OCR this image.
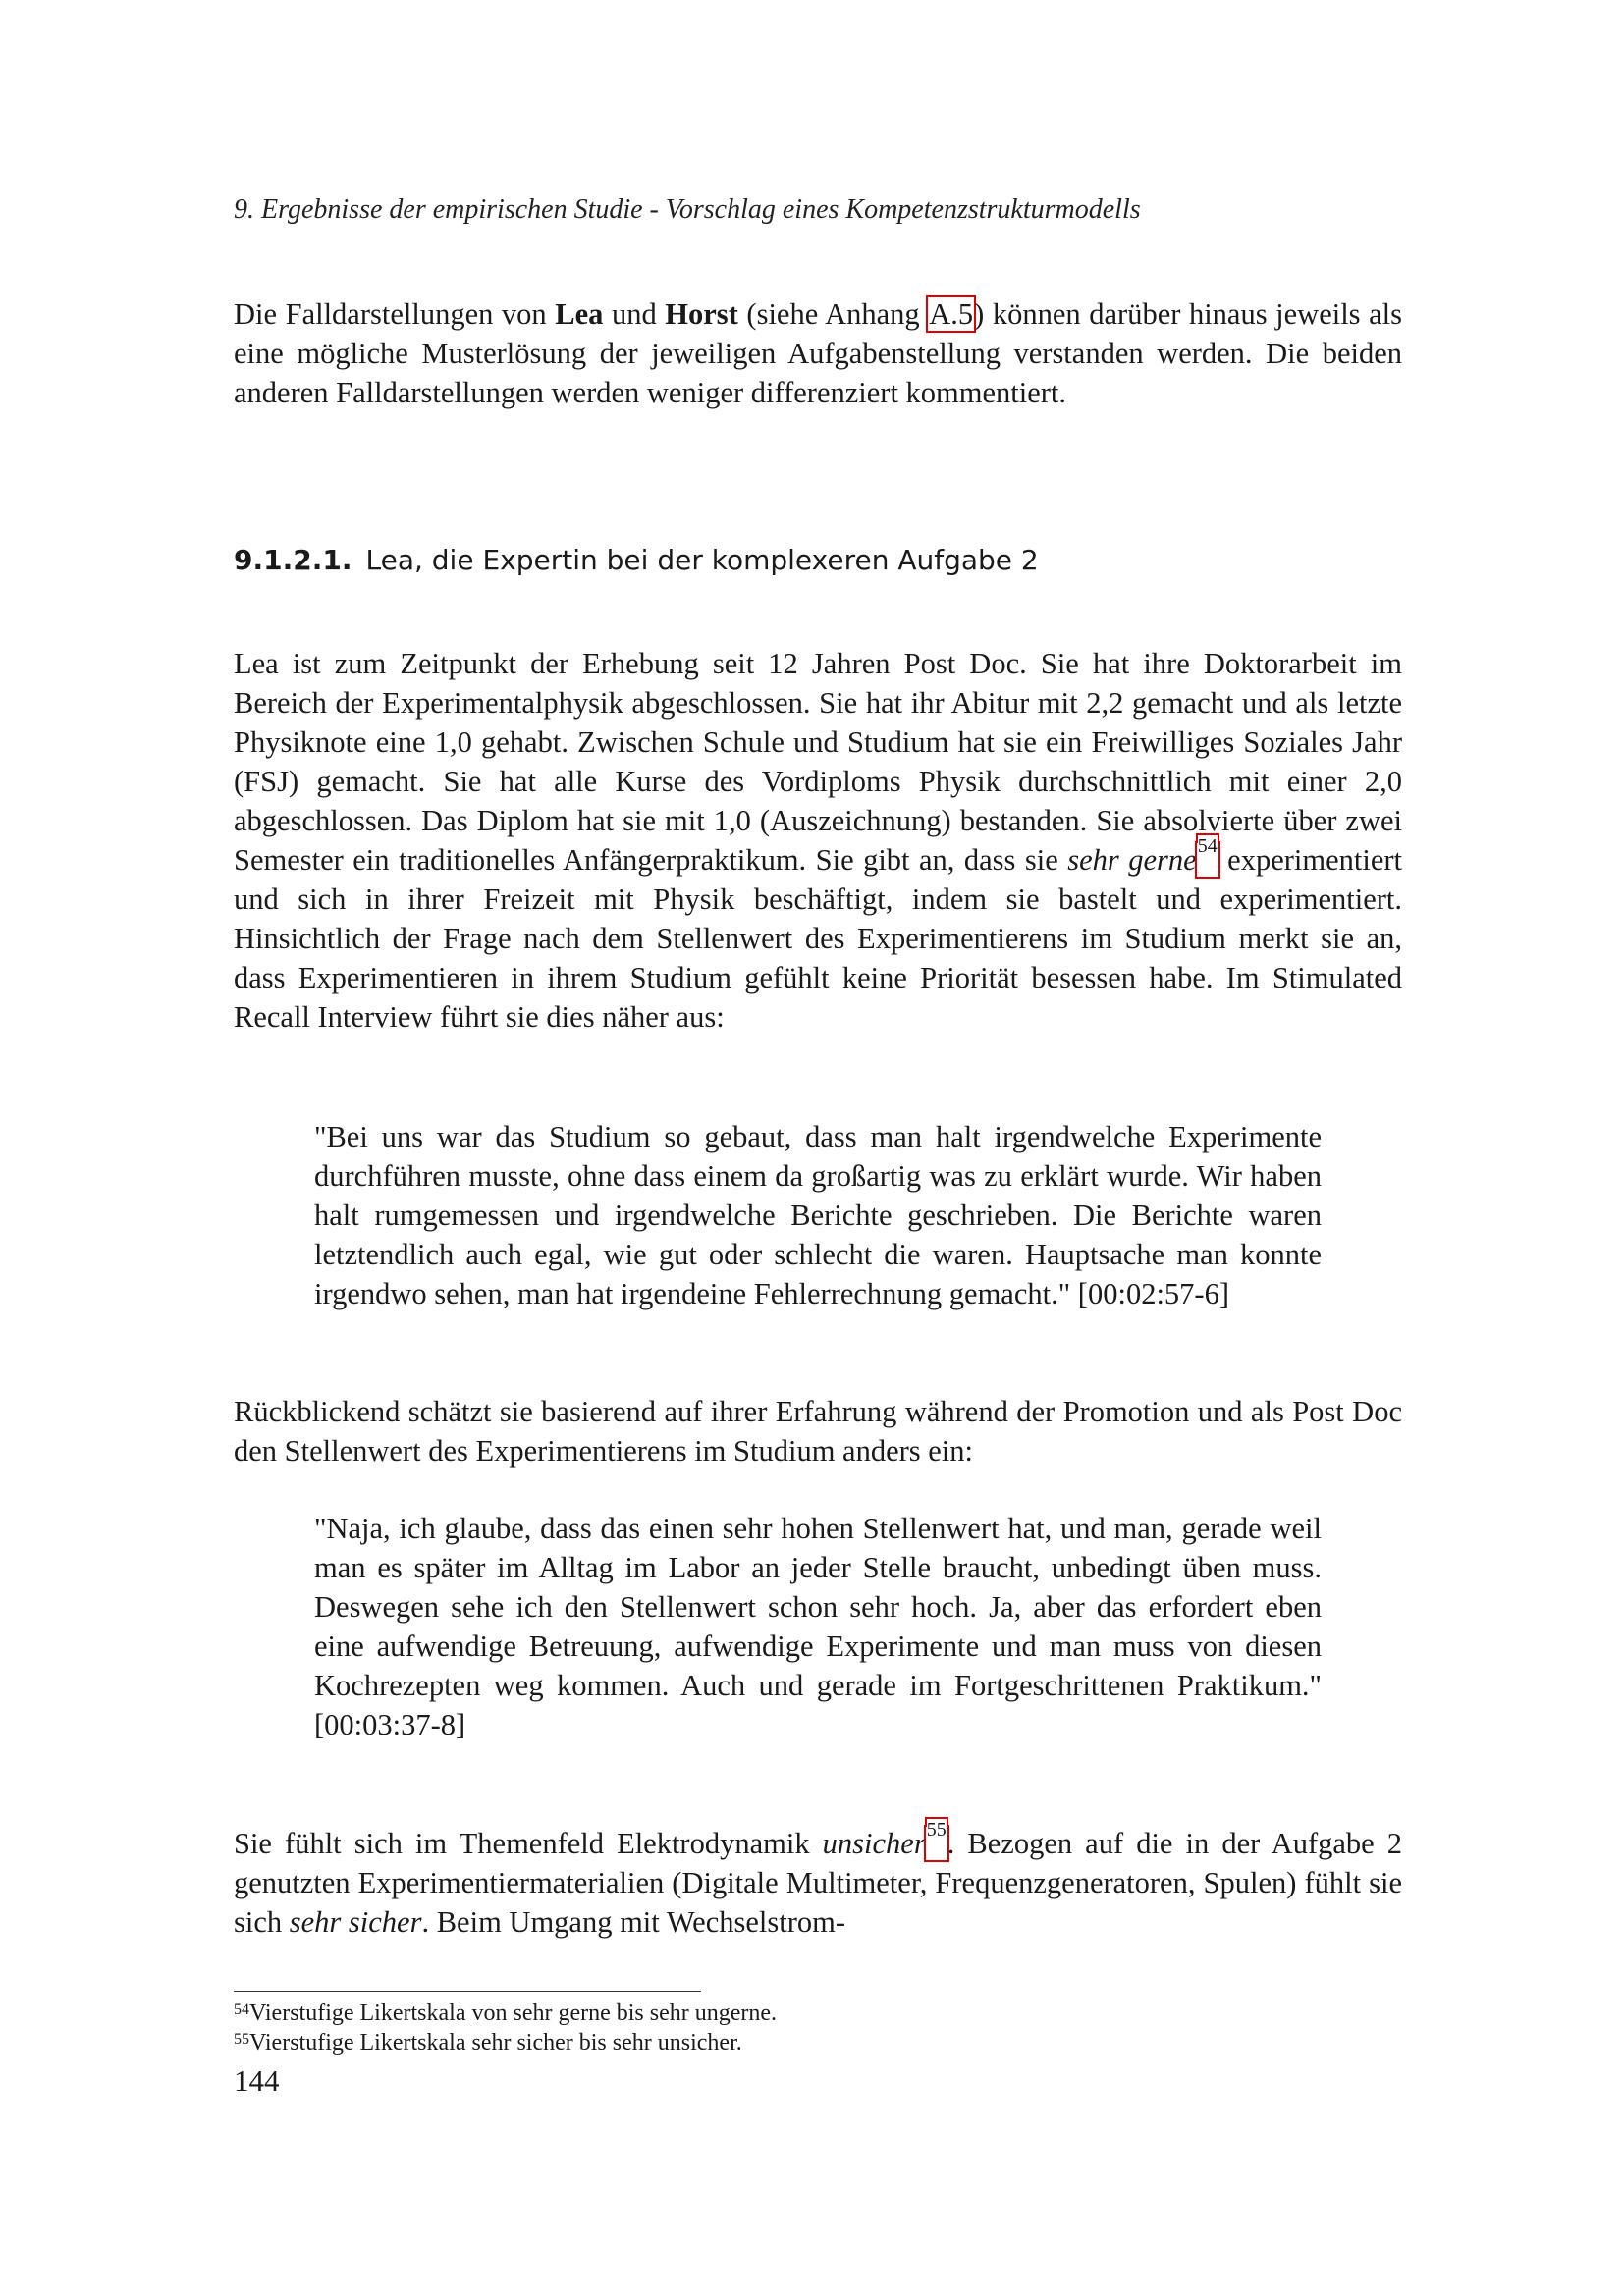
9. Ergebnisse der empirischen Studie - Vorschlag eines Kompetenzstrukturmodells

Die Falldarstellungen von Lea und Horst (siehe Anhang A.5) können darüber hinaus jeweils als eine mögliche Musterlösung der jeweiligen Aufgabenstellung verstanden werden. Die beiden anderen Falldarstellungen werden weniger differenziert kommentiert.

9.1.2.1. Lea, die Expertin bei der komplexeren Aufgabe 2

Lea ist zum Zeitpunkt der Erhebung seit 12 Jahren Post Doc. Sie hat ihre Doktorarbeit im Bereich der Experimentalphysik abgeschlossen. Sie hat ihr Abitur mit 2,2 gemacht und als letzte Physiknote eine 1,0 gehabt. Zwischen Schule und Studium hat sie ein Freiwilliges Soziales Jahr (FSJ) gemacht. Sie hat alle Kurse des Vordiploms Physik durchschnittlich mit einer 2,0 abgeschlossen. Das Diplom hat sie mit 1,0 (Auszeichnung) bestanden. Sie absolvierte über zwei Semester ein traditionelles Anfängerpraktikum. Sie gibt an, dass sie sehr gerne$^{54}$ experimentiert und sich in ihrer Freizeit mit Physik beschäftigt, indem sie bastelt und experimentiert. Hinsichtlich der Frage nach dem Stellenwert des Experimentierens im Studium merkt sie an, dass Experimentieren in ihrem Studium gefühlt keine Priorität besessen habe. Im Stimulated Recall Interview führt sie dies näher aus:

"Bei uns war das Studium so gebaut, dass man halt irgendwelche Experimente durchführen musste, ohne dass einem da großartig was zu erklärt wurde. Wir haben halt rumgemessen und irgendwelche Berichte geschrieben. Die Berichte waren letztendlich auch egal, wie gut oder schlecht die waren. Hauptsache man konnte irgendwo sehen, man hat irgendeine Fehlerrechnung gemacht." [00:02:57-6]

Rückblickend schätzt sie basierend auf ihrer Erfahrung während der Promotion und als Post Doc den Stellenwert des Experimentierens im Studium anders ein:

"Naja, ich glaube, dass das einen sehr hohen Stellenwert hat, und man, gerade weil man es später im Alltag im Labor an jeder Stelle braucht, unbedingt üben muss. Deswegen sehe ich den Stellenwert schon sehr hoch. Ja, aber das erfordert eben eine aufwendige Betreuung, aufwendige Experimente und man muss von diesen Kochrezepten weg kommen. Auch und gerade im Fortgeschrittenen Praktikum." [00:03:37-8]

Sie fühlt sich im Themenfeld Elektrodynamik unsicher$^{55}$. Bezogen auf die in der Aufgabe 2 genutzten Experimentiermaterialien (Digitale Multimeter, Frequenzgeneratoren, Spulen) fühlt sie sich sehr sicher. Beim Umgang mit Wechselstrom-

$^{54}$Vierstufige Likertskala von sehr gerne bis sehr ungerne.
$^{55}$Vierstufige Likertskala sehr sicher bis sehr unsicher.
144
